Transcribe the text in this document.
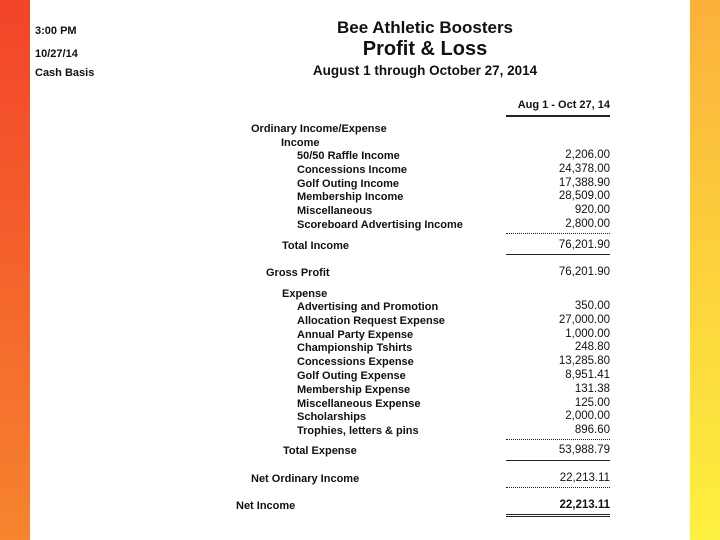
3:00 PM
10/27/14
Cash Basis
Bee Athletic Boosters
Profit & Loss
August 1 through October 27, 2014
Aug 1 - Oct 27, 14
Ordinary Income/Expense
Income
50/50 Raffle Income	2,206.00
Concessions Income	24,378.00
Golf Outing Income	17,388.90
Membership Income	28,509.00
Miscellaneous	920.00
Scoreboard Advertising Income	2,800.00
Total Income	76,201.90
Gross Profit	76,201.90
Expense
Advertising and Promotion	350.00
Allocation Request Expense	27,000.00
Annual Party Expense	1,000.00
Championship Tshirts	248.80
Concessions Expense	13,285.80
Golf Outing Expense	8,951.41
Membership Expense	131.38
Miscellaneous Expense	125.00
Scholarships	2,000.00
Trophies, letters & pins	896.60
Total Expense	53,988.79
Net Ordinary Income	22,213.11
Net Income	22,213.11
